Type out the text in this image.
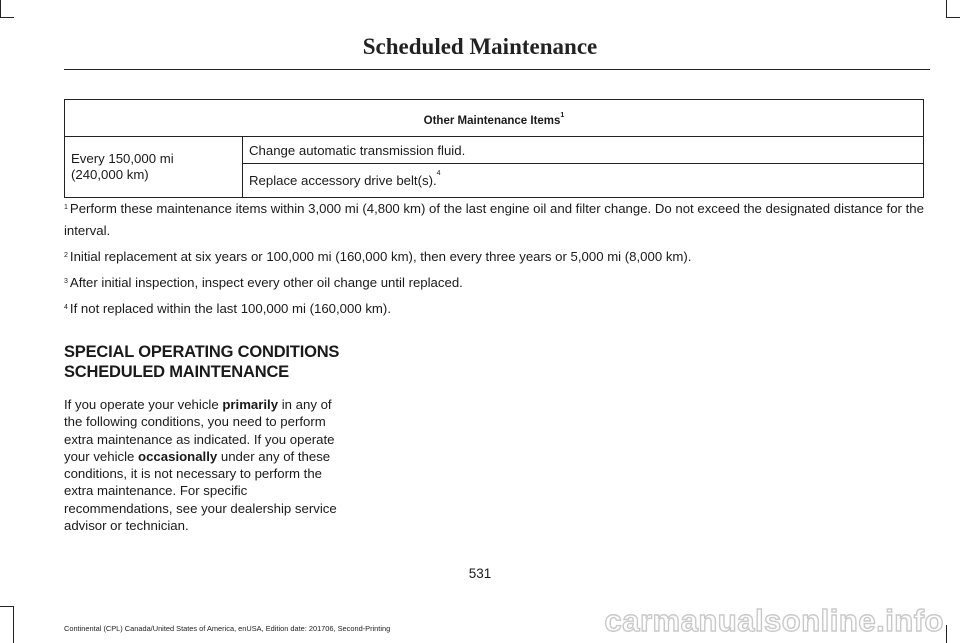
Scheduled Maintenance
Other Maintenance Items$^1$
Every 150,000 mi
(240,000 km)	Change automatic transmission fluid.
Replace accessory drive belt(s).$^4$
$^1$ Perform these maintenance items within 3,000 mi (4,800 km) of the last engine oil and filter change. Do not exceed the designated distance for the interval.
$^2$ Initial replacement at six years or 100,000 mi (160,000 km), then every three years or 5,000 mi (8,000 km).
$^3$ After initial inspection, inspect every other oil change until replaced.
$^4$ If not replaced within the last 100,000 mi (160,000 km).
SPECIAL OPERATING CONDITIONS
SCHEDULED MAINTENANCE
If you operate your vehicle primarily in any of the following conditions, you need to perform extra maintenance as indicated. If you operate your vehicle occasionally under any of these conditions, it is not necessary to perform the extra maintenance. For specific recommendations, see your dealership service advisor or technician.
531
Continental (CPL) Canada/United States of America, enUSA, Edition date: 201706, Second-Printing	carmanualsonline.info
